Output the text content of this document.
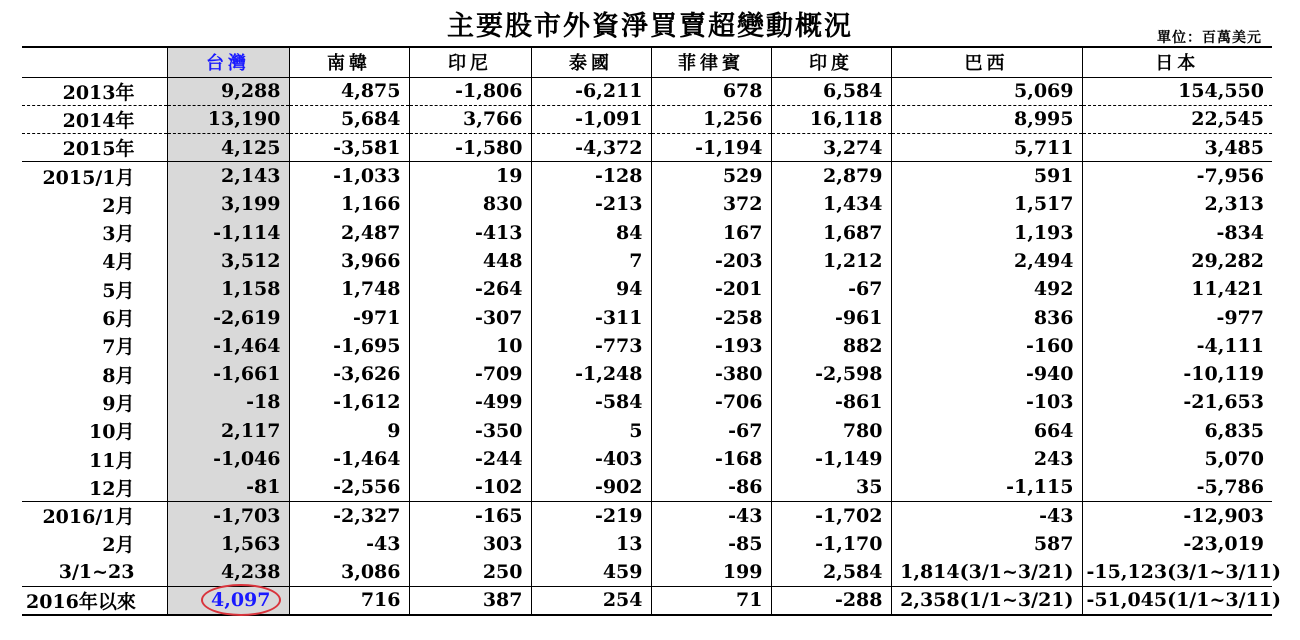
主要股市外資淨買賣超變動概況	單位：百萬美元
	台灣	南韓	印尼	泰國	菲律賓	印度	巴西	日本
2013年	9,288	4,875	-1,806	-6,211	678	6,584	5,069	154,550
2014年	13,190	5,684	3,766	-1,091	1,256	16,118	8,995	22,545
2015年	4,125	-3,581	-1,580	-4,372	-1,194	3,274	5,711	3,485
2015/1月	2,143	-1,033	19	-128	529	2,879	591	-7,956
2月	3,199	1,166	830	-213	372	1,434	1,517	2,313
3月	-1,114	2,487	-413	84	167	1,687	1,193	-834
4月	3,512	3,966	448	7	-203	1,212	2,494	29,282
5月	1,158	1,748	-264	94	-201	-67	492	11,421
6月	-2,619	-971	-307	-311	-258	-961	836	-977
7月	-1,464	-1,695	10	-773	-193	882	-160	-4,111
8月	-1,661	-3,626	-709	-1,248	-380	-2,598	-940	-10,119
9月	-18	-1,612	-499	-584	-706	-861	-103	-21,653
10月	2,117	9	-350	5	-67	780	664	6,835
11月	-1,046	-1,464	-244	-403	-168	-1,149	243	5,070
12月	-81	-2,556	-102	-902	-86	35	-1,115	-5,786
2016/1月	-1,703	-2,327	-165	-219	-43	-1,702	-43	-12,903
2月	1,563	-43	303	13	-85	-1,170	587	-23,019
3/1~23	4,238	3,086	250	459	199	2,584	1,814(3/1~3/21)	-15,123(3/1~3/11)
2016年以來	4,097	716	387	254	71	-288	2,358(1/1~3/21)	-51,045(1/1~3/11)
